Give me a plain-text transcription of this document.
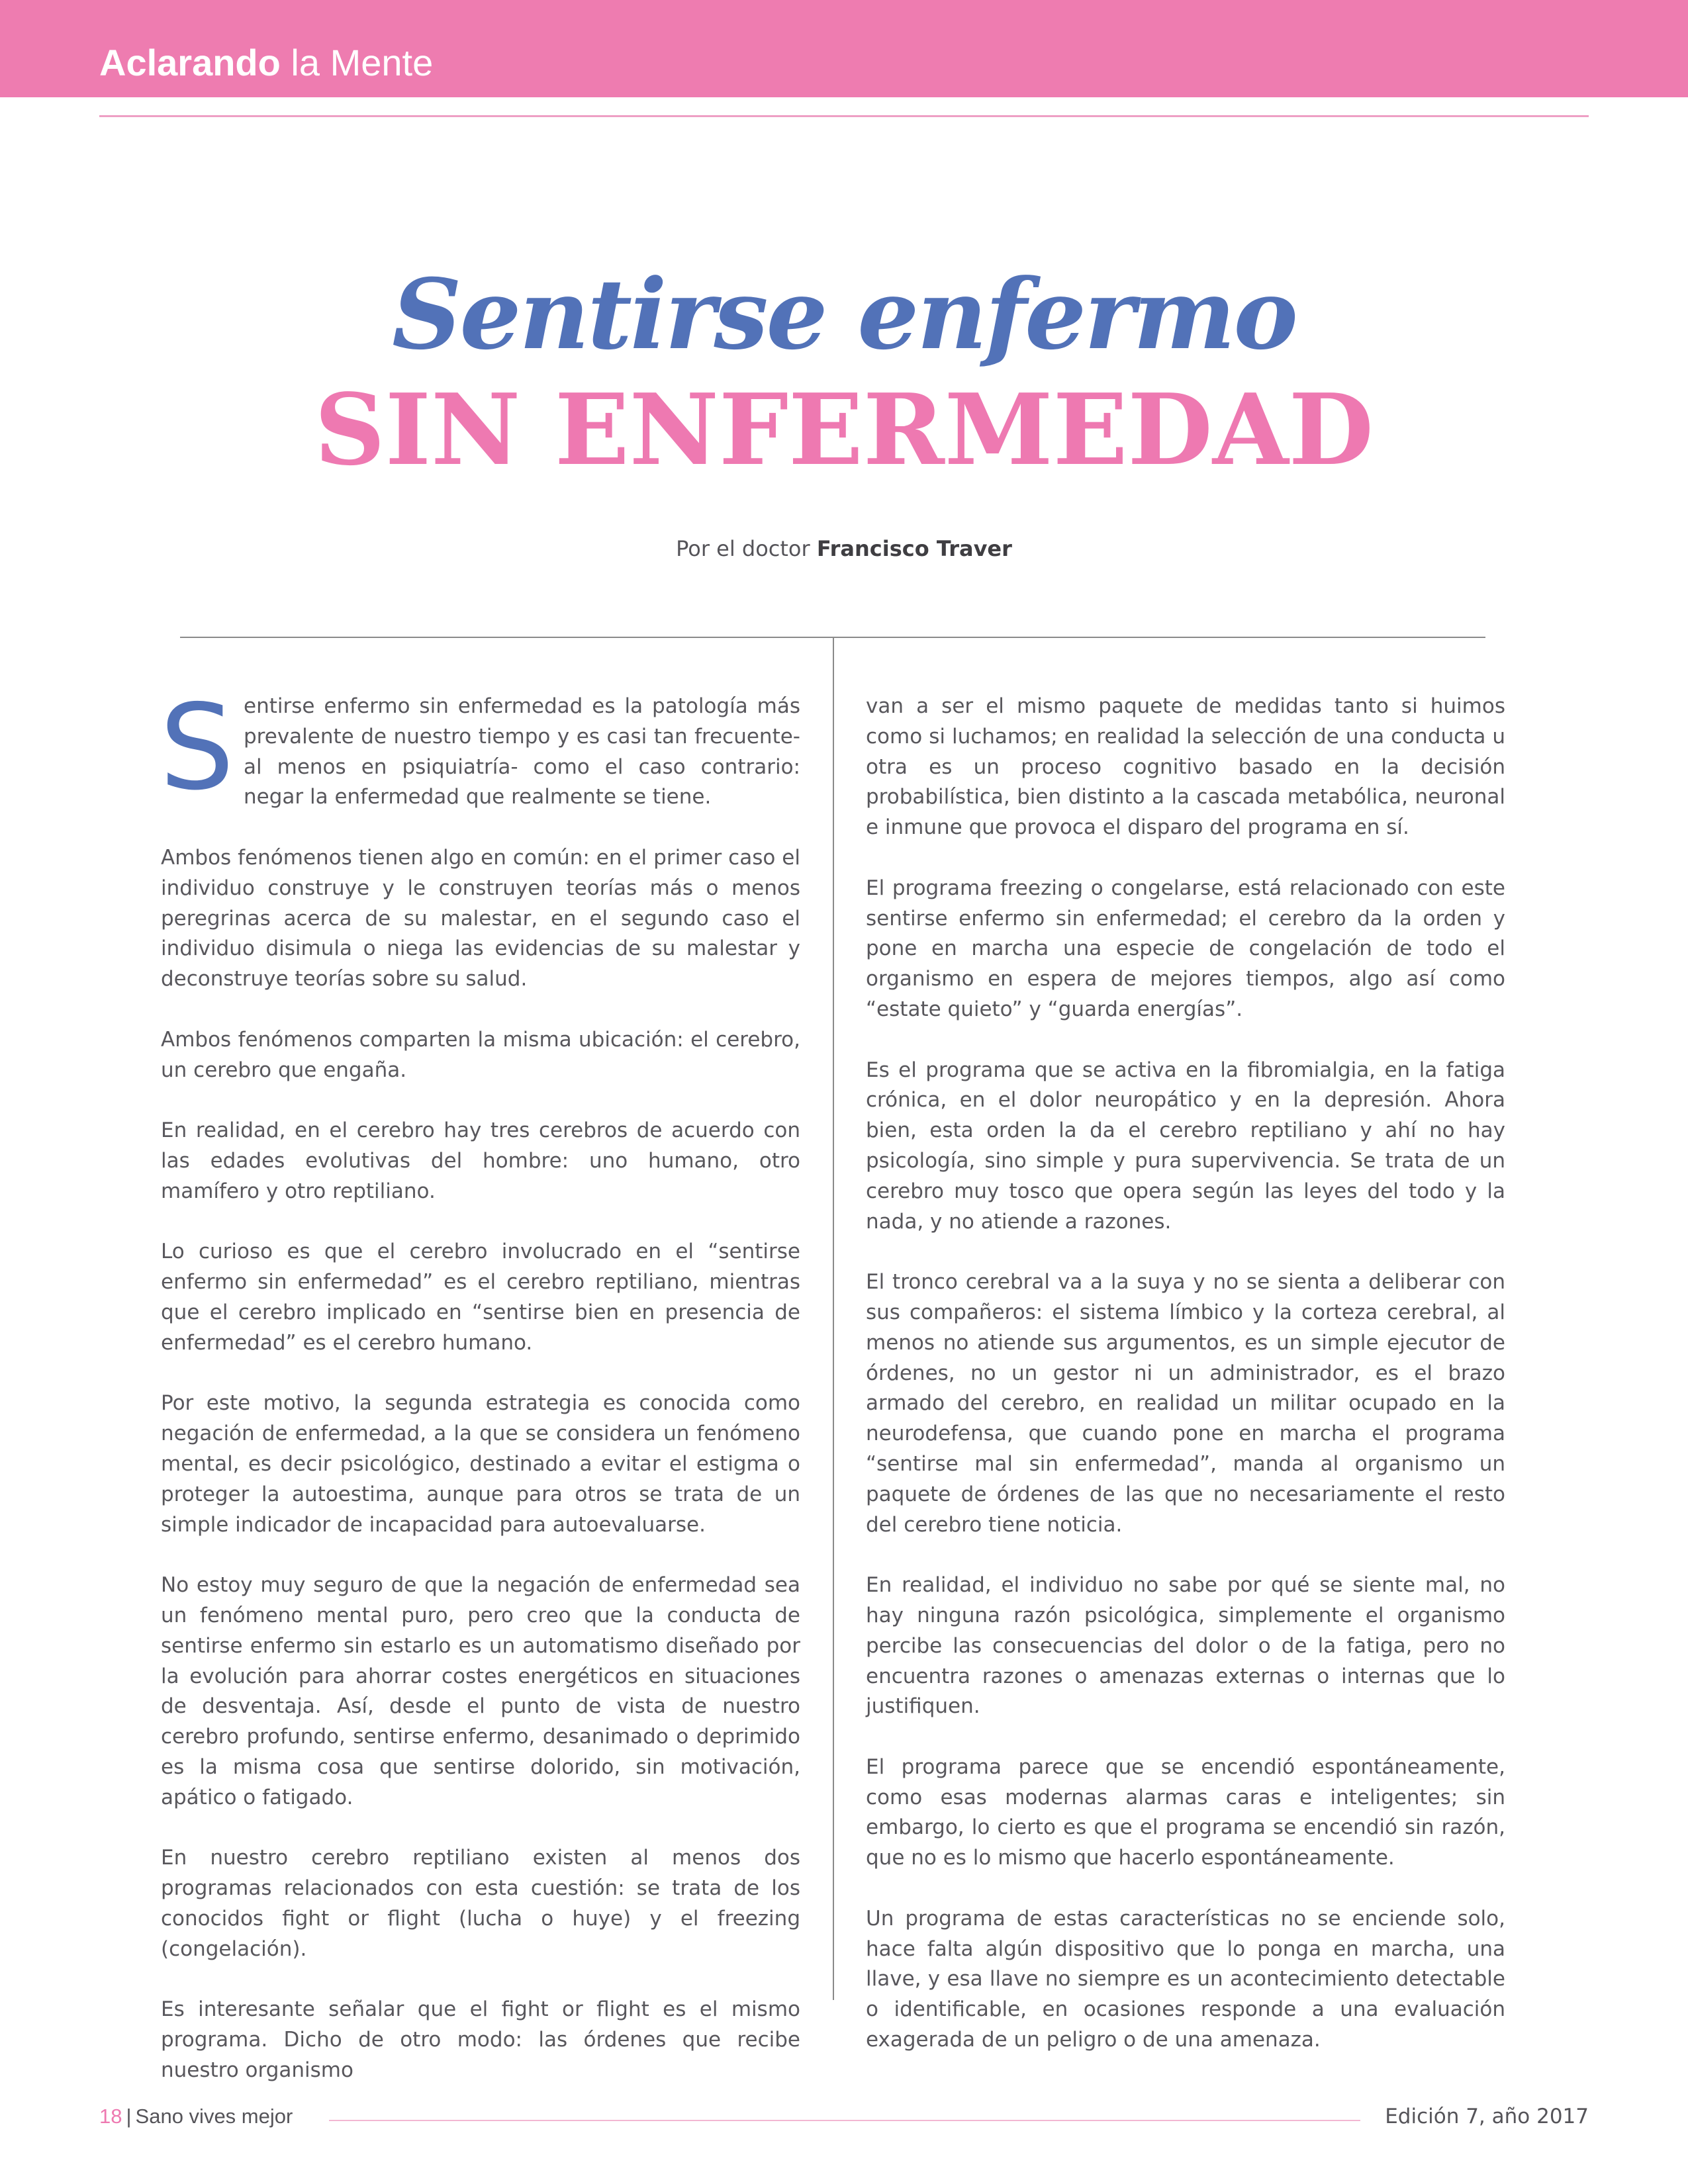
Aclarando la Mente
Sentirse enfermo
SIN ENFERMEDAD
Por el doctor Francisco Traver

Sentirse enfermo sin enfermedad es la patología más prevalente de nuestro tiempo y es casi tan frecuente-al menos en psiquiatría- como el caso contrario: negar la enfermedad que realmente se tiene.

Ambos fenómenos tienen algo en común: en el primer caso el individuo construye y le construyen teorías más o menos peregrinas acerca de su malestar, en el segundo caso el individuo disimula o niega las evidencias de su malestar y deconstruye teorías sobre su salud.

Ambos fenómenos comparten la misma ubicación: el cerebro, un cerebro que engaña.

En realidad, en el cerebro hay tres cerebros de acuerdo con las edades evolutivas del hombre: uno humano, otro mamífero y otro reptiliano.

Lo curioso es que el cerebro involucrado en el “sentirse enfermo sin enfermedad” es el cerebro reptiliano, mientras que el cerebro implicado en “sentirse bien en presencia de enfermedad” es el cerebro humano.

Por este motivo, la segunda estrategia es conocida como negación de enfermedad, a la que se considera un fenómeno mental, es decir psicológico, destinado a evitar el estigma o proteger la autoestima, aunque para otros se trata de un simple indicador de incapacidad para autoevaluarse.

No estoy muy seguro de que la negación de enfermedad sea un fenómeno mental puro, pero creo que la conducta de sentirse enfermo sin estarlo es un automatismo diseñado por la evolución para ahorrar costes energéticos en situaciones de desventaja. Así, desde el punto de vista de nuestro cerebro profundo, sentirse enfermo, desanimado o deprimido es la misma cosa que sentirse dolorido, sin motivación, apático o fatigado.

En nuestro cerebro reptiliano existen al menos dos programas relacionados con esta cuestión: se trata de los conocidos fight or flight (lucha o huye) y el freezing (congelación).

Es interesante señalar que el fight or flight es el mismo programa. Dicho de otro modo: las órdenes que recibe nuestro organismo

van a ser el mismo paquete de medidas tanto si huimos como si luchamos; en realidad la selección de una conducta u otra es un proceso cognitivo basado en la decisión probabilística, bien distinto a la cascada metabólica, neuronal e inmune que provoca el disparo del programa en sí.

El programa freezing o congelarse, está relacionado con este sentirse enfermo sin enfermedad; el cerebro da la orden y pone en marcha una especie de congelación de todo el organismo en espera de mejores tiempos, algo así como “estate quieto” y “guarda energías”.

Es el programa que se activa en la fibromialgia, en la fatiga crónica, en el dolor neuropático y en la depresión. Ahora bien, esta orden la da el cerebro reptiliano y ahí no hay psicología, sino simple y pura supervivencia. Se trata de un cerebro muy tosco que opera según las leyes del todo y la nada, y no atiende a razones.

El tronco cerebral va a la suya y no se sienta a deliberar con sus compañeros: el sistema límbico y la corteza cerebral, al menos no atiende sus argumentos, es un simple ejecutor de órdenes, no un gestor ni un administrador, es el brazo armado del cerebro, en realidad un militar ocupado en la neurodefensa, que cuando pone en marcha el programa “sentirse mal sin enfermedad”, manda al organismo un paquete de órdenes de las que no necesariamente el resto del cerebro tiene noticia.

En realidad, el individuo no sabe por qué se siente mal, no hay ninguna razón psicológica, simplemente el organismo percibe las consecuencias del dolor o de la fatiga, pero no encuentra razones o amenazas externas o internas que lo justifiquen.

El programa parece que se encendió espontáneamente, como esas modernas alarmas caras e inteligentes; sin embargo, lo cierto es que el programa se encendió sin razón, que no es lo mismo que hacerlo espontáneamente.

Un programa de estas características no se enciende solo, hace falta algún dispositivo que lo ponga en marcha, una llave, y esa llave no siempre es un acontecimiento detectable o identificable, en ocasiones responde a una evaluación exagerada de un peligro o de una amenaza.

18 | Sano vives mejor	Edición 7, año 2017
